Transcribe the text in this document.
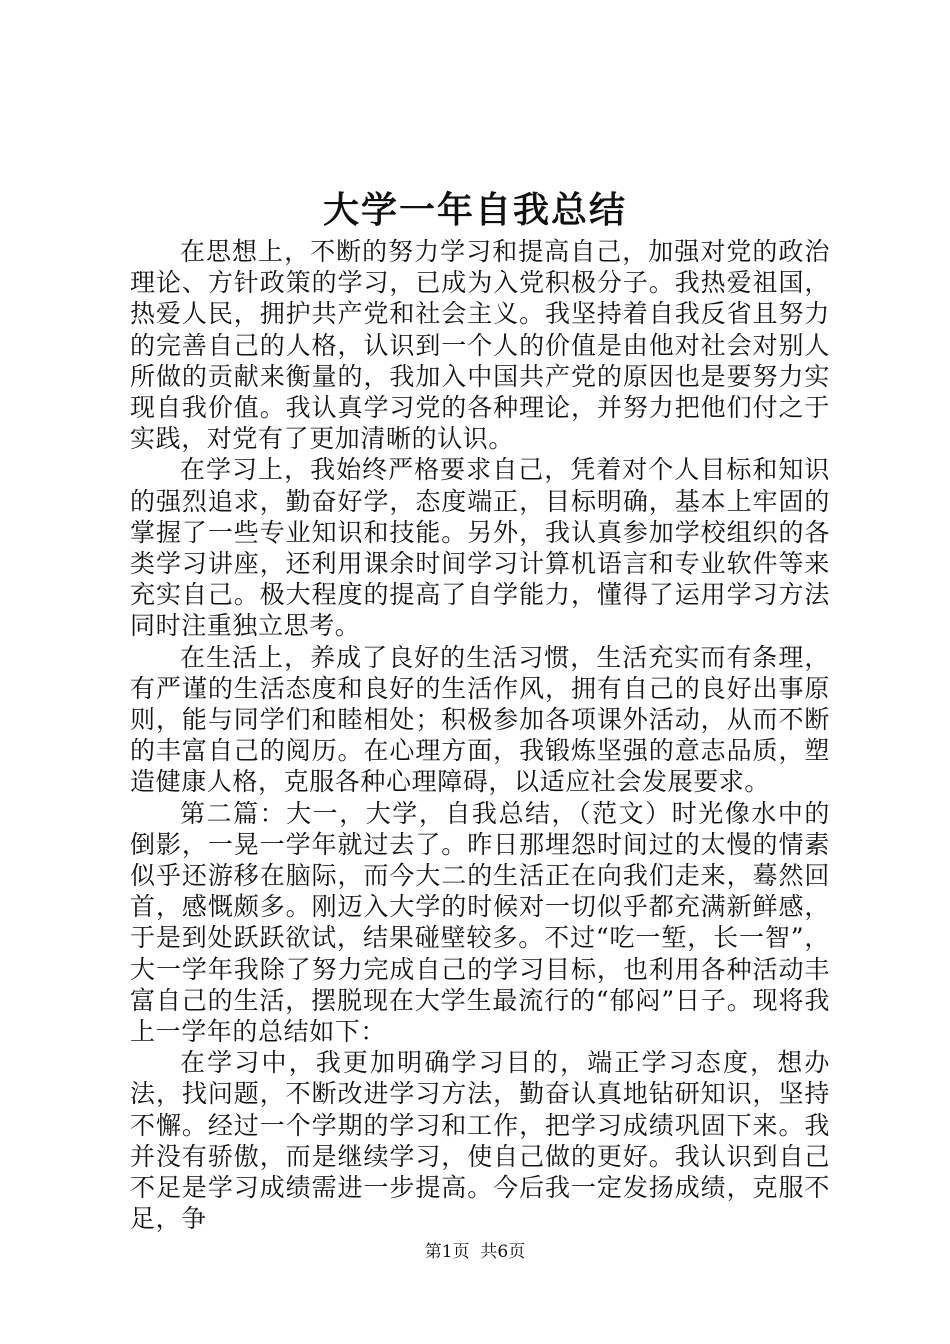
大学一年自我总结

在思想上，不断的努力学习和提高自己，加强对党的政治理论、方针政策的学习，已成为入党积极分子。我热爱祖国，热爱人民，拥护共产党和社会主义。我坚持着自我反省且努力的完善自己的人格，认识到一个人的价值是由他对社会对别人所做的贡献来衡量的，我加入中国共产党的原因也是要努力实现自我价值。我认真学习党的各种理论，并努力把他们付之于实践，对党有了更加清晰的认识。

在学习上，我始终严格要求自己，凭着对个人目标和知识的强烈追求，勤奋好学，态度端正，目标明确，基本上牢固的掌握了一些专业知识和技能。另外，我认真参加学校组织的各类学习讲座，还利用课余时间学习计算机语言和专业软件等来充实自己。极大程度的提高了自学能力，懂得了运用学习方法同时注重独立思考。

在生活上，养成了良好的生活习惯，生活充实而有条理，有严谨的生活态度和良好的生活作风，拥有自己的良好出事原则，能与同学们和睦相处；积极参加各项课外活动，从而不断的丰富自己的阅历。在心理方面，我锻炼坚强的意志品质，塑造健康人格，克服各种心理障碍，以适应社会发展要求。

第二篇：大一，大学，自我总结，（范文）时光像水中的倒影，一晃一学年就过去了。昨日那埋怨时间过的太慢的情素似乎还游移在脑际，而今大二的生活正在向我们走来，蓦然回首，感慨颇多。刚迈入大学的时候对一切似乎都充满新鲜感，于是到处跃跃欲试，结果碰壁较多。不过“吃一堑，长一智”，大一学年我除了努力完成自己的学习目标，也利用各种活动丰富自己的生活，摆脱现在大学生最流行的“郁闷”日子。现将我上一学年的总结如下：

在学习中，我更加明确学习目的，端正学习态度，想办法，找问题，不断改进学习方法，勤奋认真地钻研知识，坚持不懈。经过一个学期的学习和工作，把学习成绩巩固下来。我并没有骄傲，而是继续学习，使自己做的更好。我认识到自己不足是学习成绩需进一步提高。今后我一定发扬成绩，克服不足，争

第1页  共6页
